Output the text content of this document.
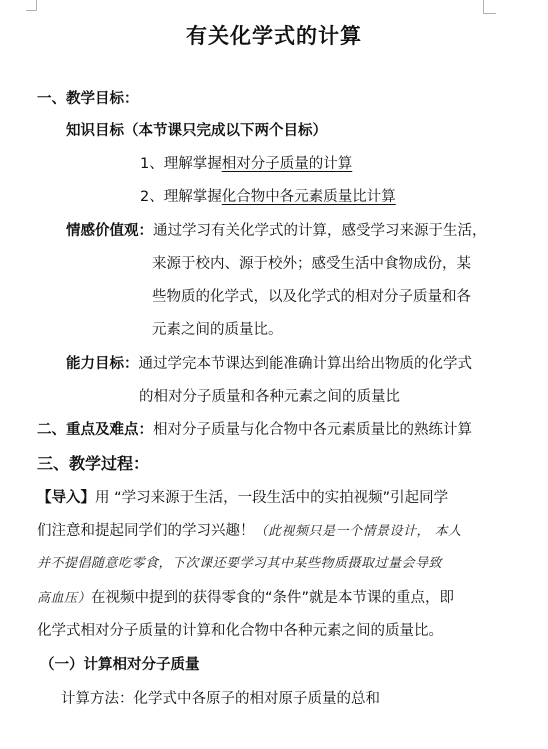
有关化学式的计算
一、教学目标：
知识目标（本节课只完成以下两个目标）
1、理解掌握相对分子质量的计算
2、理解掌握化合物中各元素质量比计算
情感价值观：通过学习有关化学式的计算，感受学习来源于生活，
来源于校内、源于校外；感受生活中食物成份，某
些物质的化学式，以及化学式的相对分子质量和各
元素之间的质量比。
能力目标：通过学完本节课达到能准确计算出给出物质的化学式
的相对分子质量和各种元素之间的质量比
二、重点及难点：相对分子质量与化合物中各元素质量比的熟练计算
三、教学过程：
【导入】用 “学习来源于生活，一段生活中的实拍视频”引起同学
们注意和提起同学们的学习兴趣！（此视频只是一个情景设计， 本人
并不提倡随意吃零食，下次课还要学习其中某些物质摄取过量会导致
高血压）在视频中提到的获得零食的“条件”就是本节课的重点，即
化学式相对分子质量的计算和化合物中各种元素之间的质量比。
（一）计算相对分子质量
计算方法：化学式中各原子的相对原子质量的总和
